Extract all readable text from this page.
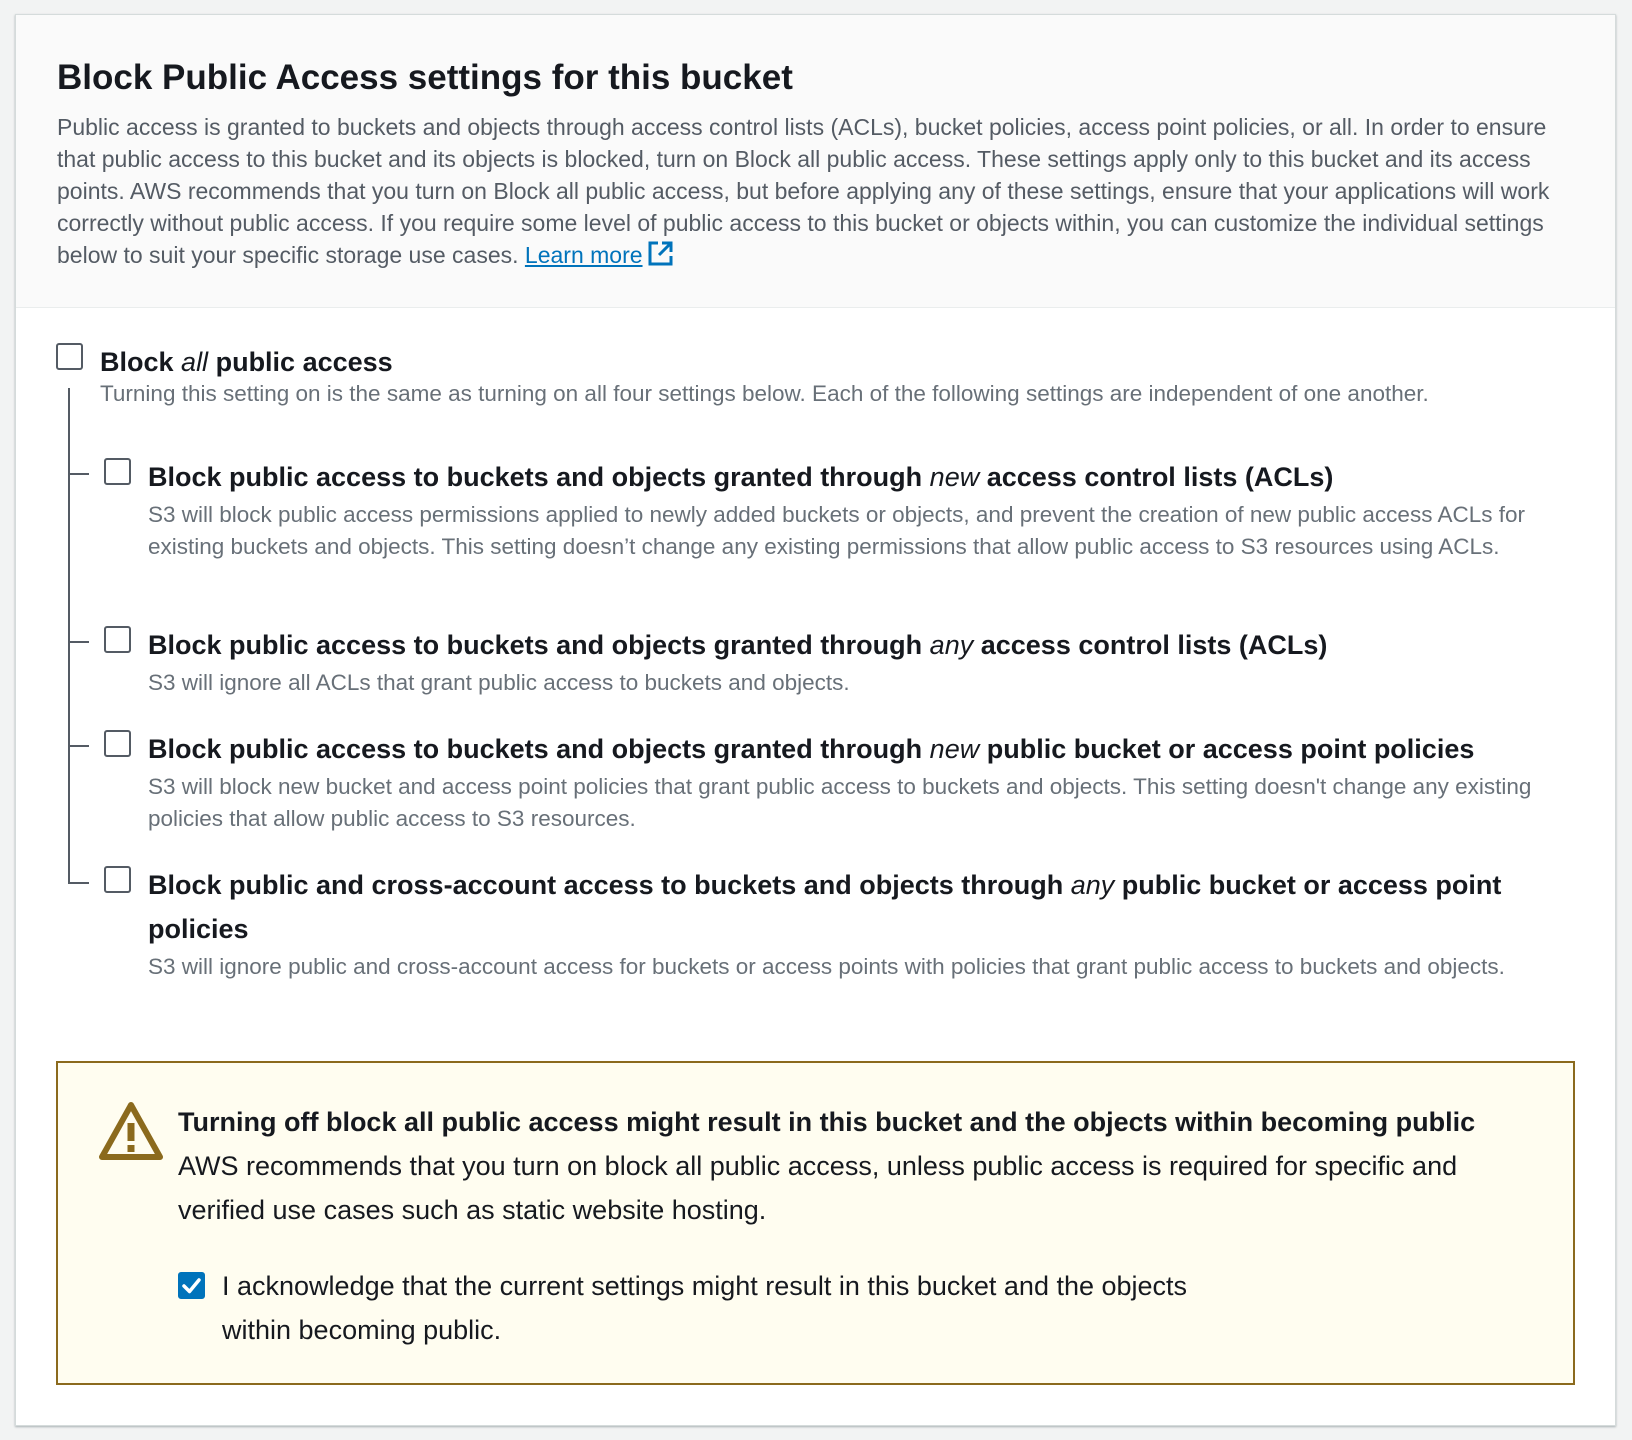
Block Public Access settings for this bucket

Public access is granted to buckets and objects through access control lists (ACLs), bucket policies, access point policies, or all. In order to ensure that public access to this bucket and its objects is blocked, turn on Block all public access. These settings apply only to this bucket and its access points. AWS recommends that you turn on Block all public access, but before applying any of these settings, ensure that your applications will work correctly without public access. If you require some level of public access to this bucket or objects within, you can customize the individual settings below to suit your specific storage use cases. Learn more

Block all public access
Turning this setting on is the same as turning on all four settings below. Each of the following settings are independent of one another.
Block public access to buckets and objects granted through new access control lists (ACLs)
S3 will block public access permissions applied to newly added buckets or objects, and prevent the creation of new public access ACLs for existing buckets and objects. This setting doesn’t change any existing permissions that allow public access to S3 resources using ACLs.
Block public access to buckets and objects granted through any access control lists (ACLs)
S3 will ignore all ACLs that grant public access to buckets and objects.
Block public access to buckets and objects granted through new public bucket or access point policies
S3 will block new bucket and access point policies that grant public access to buckets and objects. This setting doesn't change any existing policies that allow public access to S3 resources.
Block public and cross-account access to buckets and objects through any public bucket or access point policies
S3 will ignore public and cross-account access for buckets or access points with policies that grant public access to buckets and objects.
Turning off block all public access might result in this bucket and the objects within becoming public
AWS recommends that you turn on block all public access, unless public access is required for specific and verified use cases such as static website hosting.
I acknowledge that the current settings might result in this bucket and the objects within becoming public.
